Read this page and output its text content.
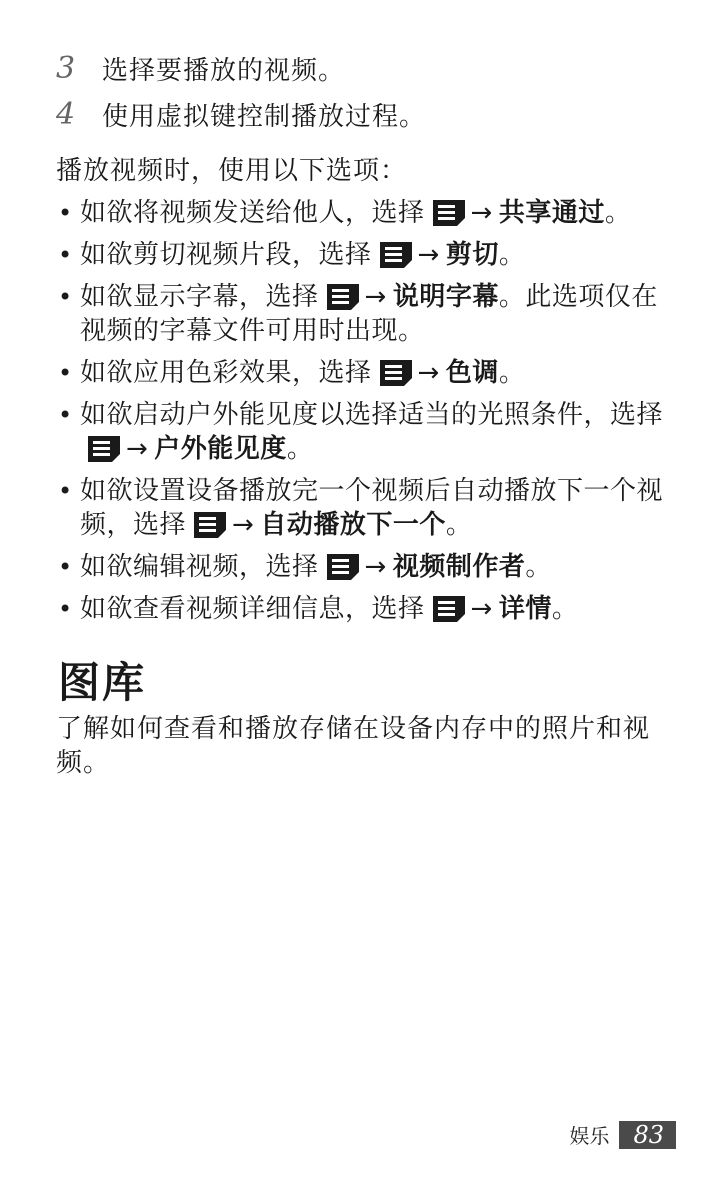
3 选择要播放的视频。
4 使用虚拟键控制播放过程。
播放视频时，使用以下选项：
• 如欲将视频发送给他人，选择 → 共享通过。
• 如欲剪切视频片段，选择 → 剪切。
• 如欲显示字幕，选择 → 说明字幕。此选项仅在视频的字幕文件可用时出现。
• 如欲应用色彩效果，选择 → 色调。
• 如欲启动户外能见度以选择适当的光照条件，选择
→ 户外能见度。
• 如欲设置设备播放完一个视频后自动播放下一个视频，选择 → 自动播放下一个。
• 如欲编辑视频，选择 → 视频制作者。
• 如欲查看视频详细信息，选择 → 详情。
图库
了解如何查看和播放存储在设备内存中的照片和视频。
娱乐	83
